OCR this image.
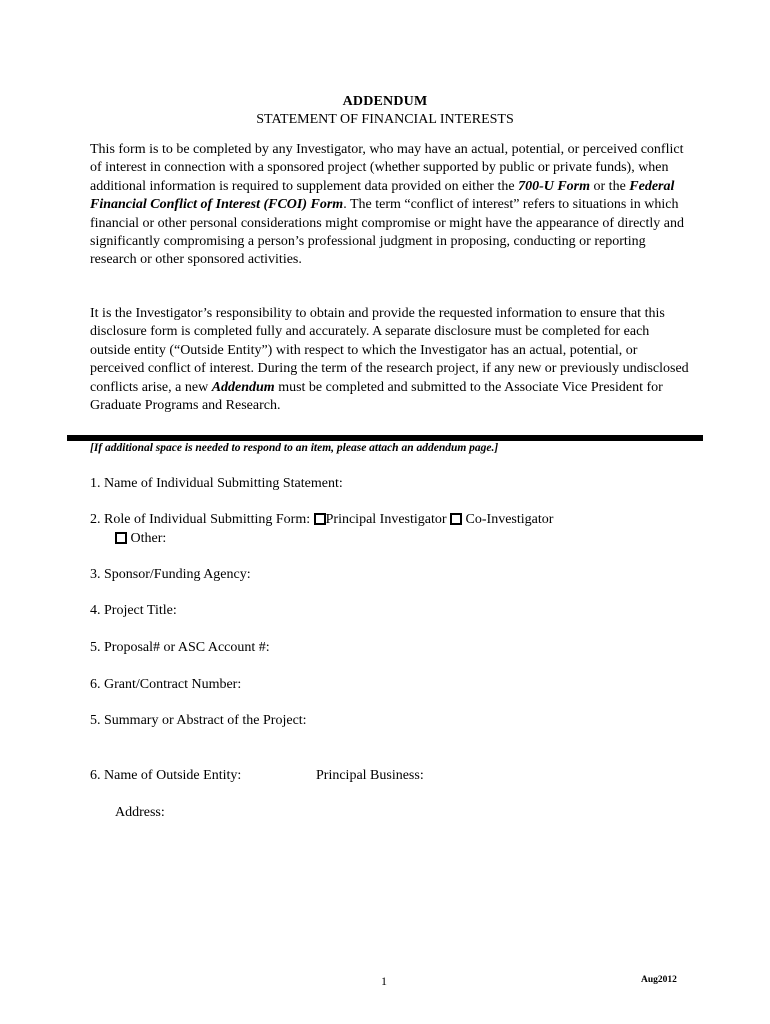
ADDENDUM
STATEMENT OF FINANCIAL INTERESTS

This form is to be completed by any Investigator, who may have an actual, potential, or perceived conflict of interest in connection with a sponsored project (whether supported by public or private funds), when additional information is required to supplement data provided on either the 700-U Form or the Federal Financial Conflict of Interest (FCOI) Form. The term “conflict of interest” refers to situations in which financial or other personal considerations might compromise or might have the appearance of directly and significantly compromising a person’s professional judgment in proposing, conducting or reporting research or other sponsored activities.

It is the Investigator’s responsibility to obtain and provide the requested information to ensure that this disclosure form is completed fully and accurately. A separate disclosure must be completed for each outside entity (“Outside Entity”) with respect to which the Investigator has an actual, potential, or perceived conflict of interest. During the term of the research project, if any new or previously undisclosed conflicts arise, a new Addendum must be completed and submitted to the Associate Vice President for Graduate Programs and Research.

[If additional space is needed to respond to an item, please attach an addendum page.]
1. Name of Individual Submitting Statement:
2. Role of Individual Submitting Form: Principal Investigator Co-Investigator
Other:
3. Sponsor/Funding Agency:
4. Project Title:
5. Proposal# or ASC Account #:
6. Grant/Contract Number:
5. Summary or Abstract of the Project:
6. Name of Outside Entity:	Principal Business:
Address:
1	Aug2012
